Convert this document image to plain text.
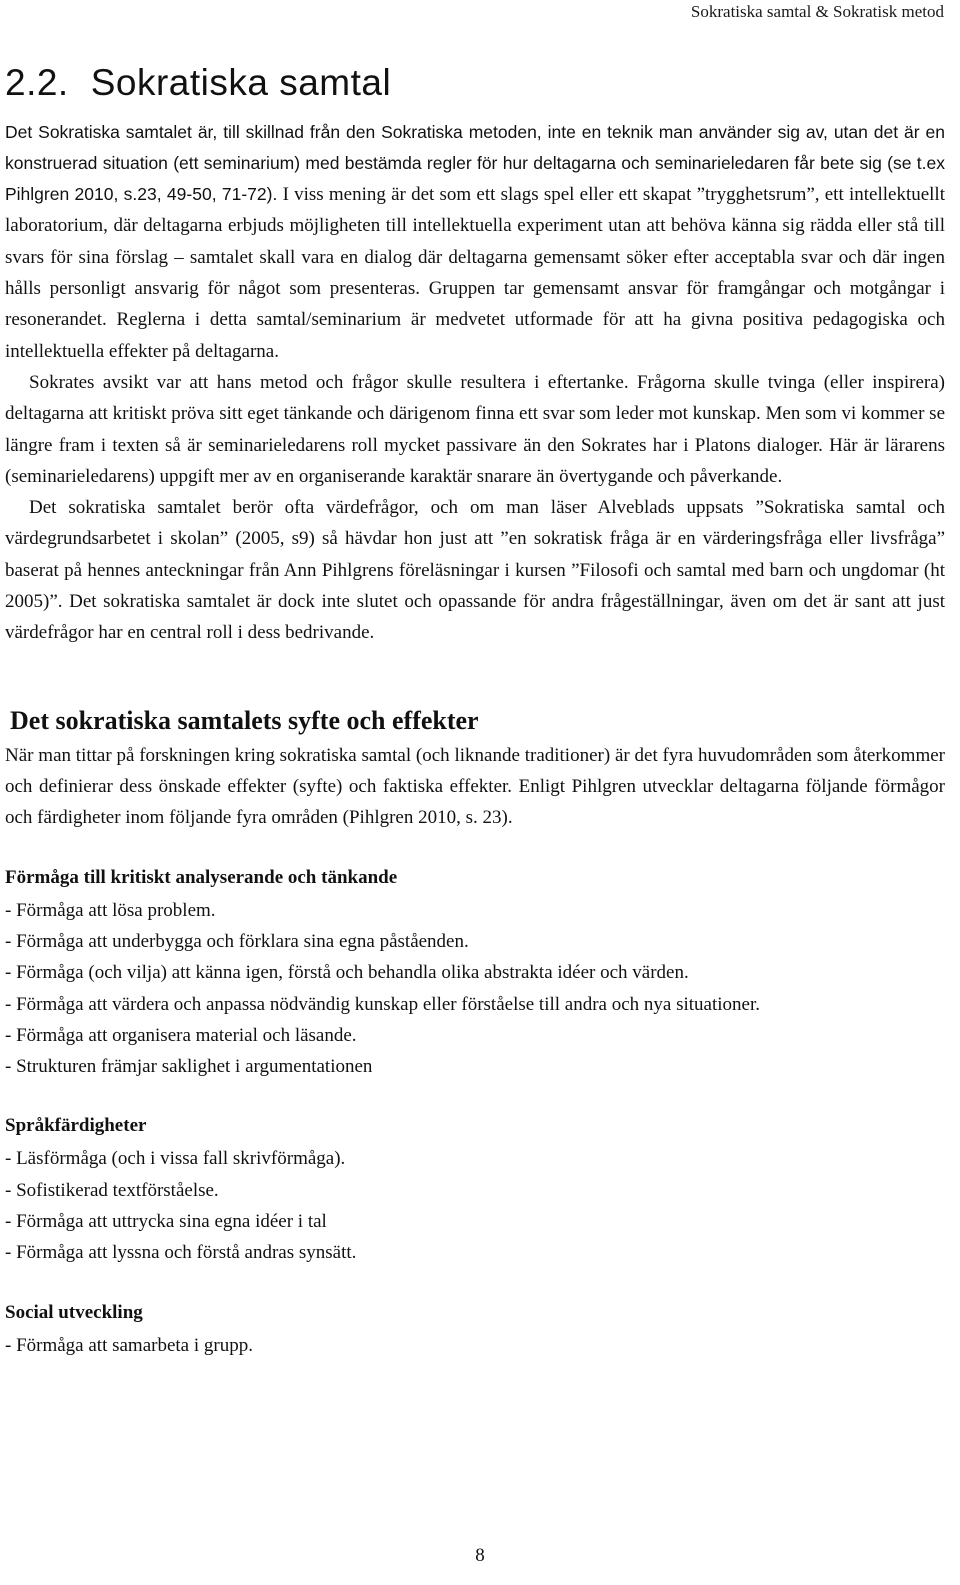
Sokratiska samtal & Sokratisk metod
2.2. Sokratiska samtal

Det Sokratiska samtalet är, till skillnad från den Sokratiska metoden, inte en teknik man använder sig av, utan det är en konstruerad situation (ett seminarium) med bestämda regler för hur deltagarna och seminarieledaren får bete sig (se t.ex Pihlgren 2010, s.23, 49-50, 71-72). I viss mening är det som ett slags spel eller ett skapat ”trygghetsrum”, ett intellektuellt laboratorium, där deltagarna erbjuds möjligheten till intellektuella experiment utan att behöva känna sig rädda eller stå till svars för sina förslag – samtalet skall vara en dialog där deltagarna gemensamt söker efter acceptabla svar och där ingen hålls personligt ansvarig för något som presenteras. Gruppen tar gemensamt ansvar för framgångar och motgångar i resonerandet. Reglerna i detta samtal/seminarium är medvetet utformade för att ha givna positiva pedagogiska och intellektuella effekter på deltagarna.

Sokrates avsikt var att hans metod och frågor skulle resultera i eftertanke. Frågorna skulle tvinga (eller inspirera) deltagarna att kritiskt pröva sitt eget tänkande och därigenom finna ett svar som leder mot kunskap. Men som vi kommer se längre fram i texten så är seminarieledarens roll mycket passivare än den Sokrates har i Platons dialoger. Här är lärarens (seminarieledarens) uppgift mer av en organiserande karaktär snarare än övertygande och påverkande.

Det sokratiska samtalet berör ofta värdefrågor, och om man läser Alveblads uppsats ”Sokratiska samtal och värdegrundsarbetet i skolan” (2005, s9) så hävdar hon just att ”en sokratisk fråga är en värderingsfråga eller livsfråga” baserat på hennes anteckningar från Ann Pihlgrens föreläsningar i kursen ”Filosofi och samtal med barn och ungdomar (ht 2005)”. Det sokratiska samtalet är dock inte slutet och opassande för andra frågeställningar, även om det är sant att just värdefrågor har en central roll i dess bedrivande.

Det sokratiska samtalets syfte och effekter

När man tittar på forskningen kring sokratiska samtal (och liknande traditioner) är det fyra huvudområden som återkommer och definierar dess önskade effekter (syfte) och faktiska effekter. Enligt Pihlgren utvecklar deltagarna följande förmågor och färdigheter inom följande fyra områden (Pihlgren 2010, s. 23).

Förmåga till kritiskt analyserande och tänkande
- Förmåga att lösa problem.
- Förmåga att underbygga och förklara sina egna påståenden.
- Förmåga (och vilja) att känna igen, förstå och behandla olika abstrakta idéer och värden.
- Förmåga att värdera och anpassa nödvändig kunskap eller förståelse till andra och nya situationer.
- Förmåga att organisera material och läsande.
- Strukturen främjar saklighet i argumentationen
Språkfärdigheter
- Läsförmåga (och i vissa fall skrivförmåga).
- Sofistikerad textförståelse.
- Förmåga att uttrycka sina egna idéer i tal
- Förmåga att lyssna och förstå andras synsätt.
Social utveckling
- Förmåga att samarbeta i grupp.
8
